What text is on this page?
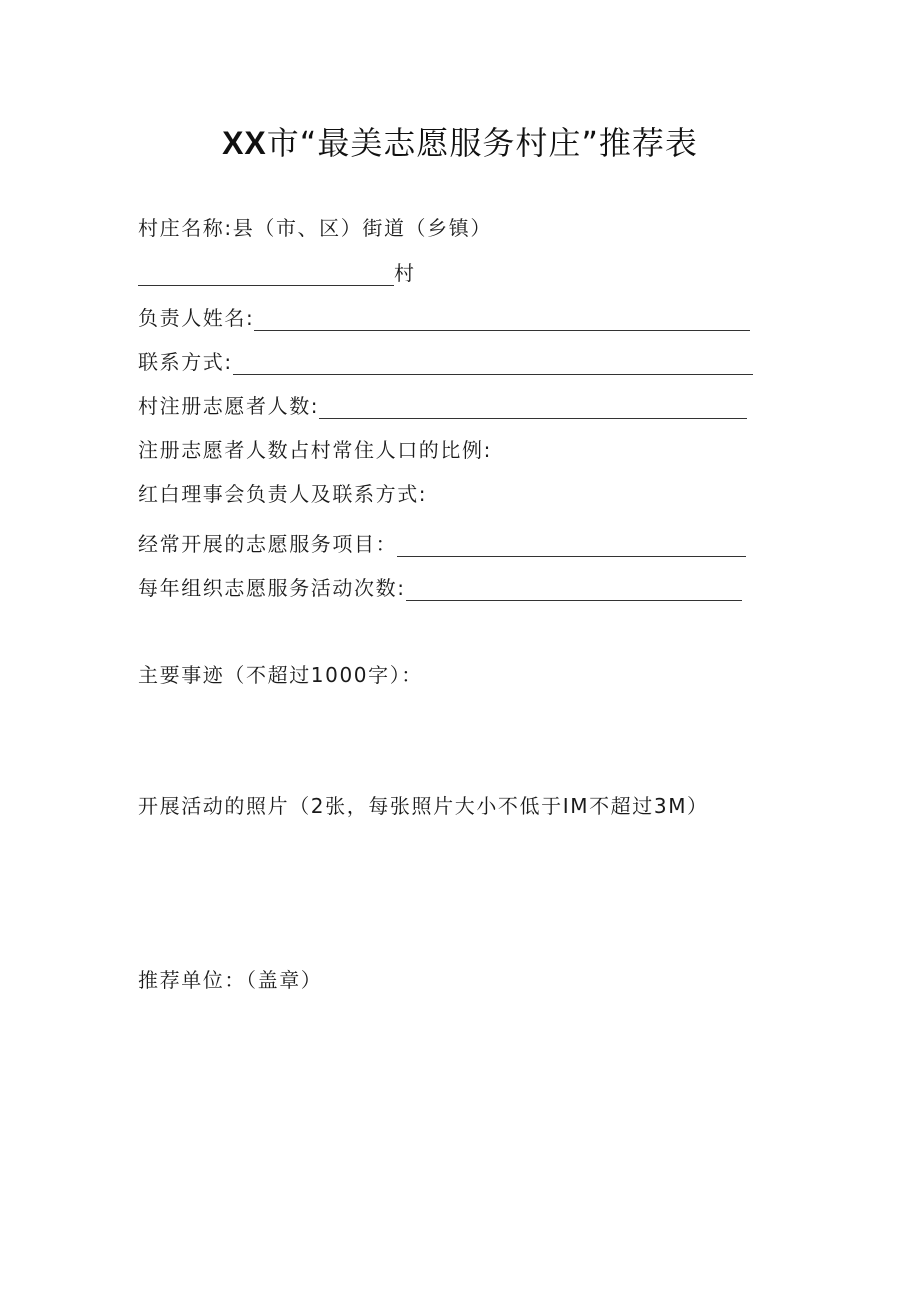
XX市“最美志愿服务村庄”推荐表
村庄名称:县（市、区）街道（乡镇）
村
负责人姓名:
联系方式:
村注册志愿者人数:
注册志愿者人数占村常住人口的比例:
红白理事会负责人及联系方式:
经常开展的志愿服务项目：
每年组织志愿服务活动次数:
主要事迹（不超过1000字）：
开展活动的照片（2张，每张照片大小不低于IM不超过3M）
推荐单位：（盖章）
